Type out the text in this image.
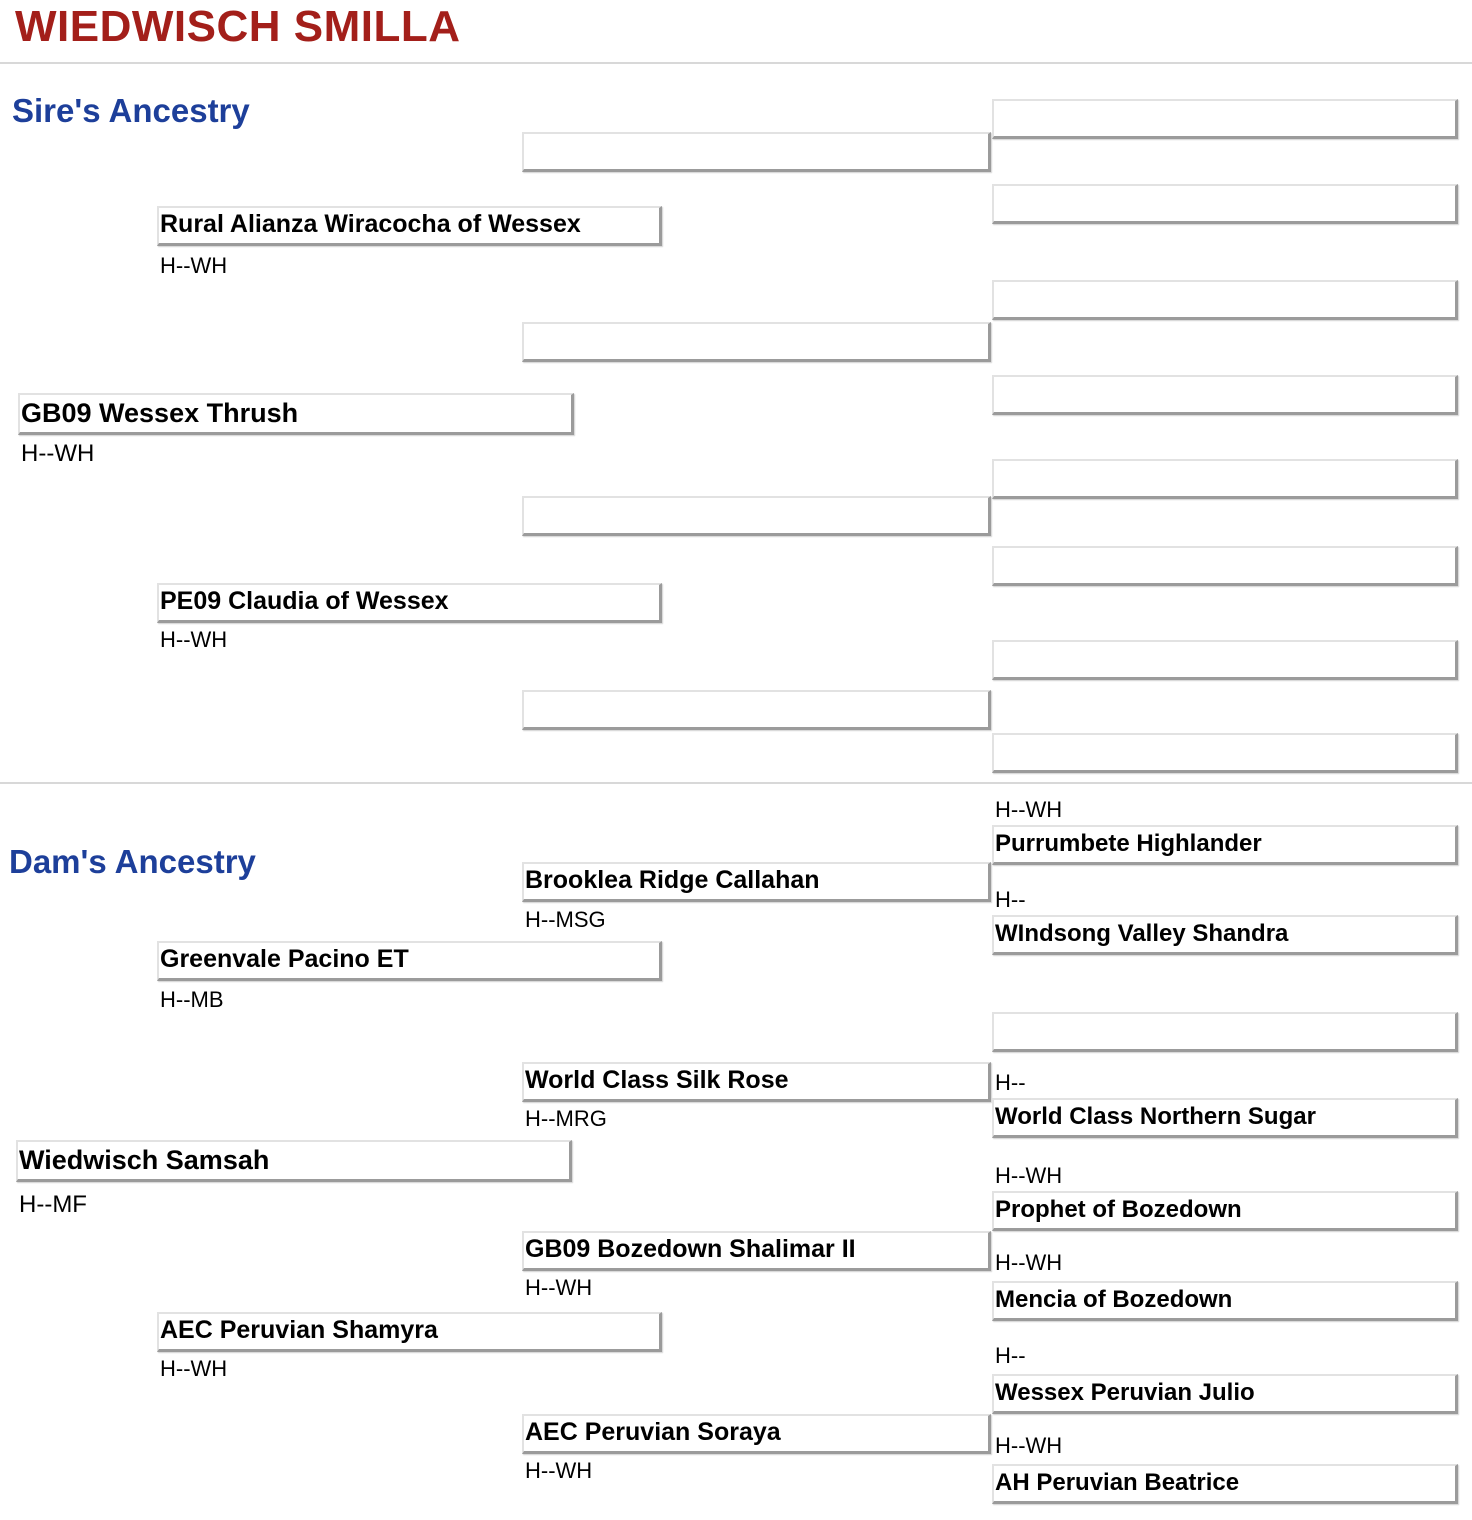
WIEDWISCH SMILLA
Sire's Ancestry
GB09 Wessex Thrush
H--WH
Rural Alianza Wiracocha of Wessex
H--WH
PE09 Claudia of Wessex
H--WH
Dam's Ancestry
Wiedwisch Samsah
H--MF
Greenvale Pacino ET
H--MB
AEC Peruvian Shamyra
H--WH
Brooklea Ridge Callahan
H--MSG
World Class Silk Rose
H--MRG
GB09 Bozedown Shalimar II
H--WH
AEC Peruvian Soraya
H--WH
H--WH
Purrumbete Highlander
H--
WIndsong Valley Shandra
H--
World Class Northern Sugar
H--WH
Prophet of Bozedown
H--WH
Mencia of Bozedown
H--
Wessex Peruvian Julio
H--WH
AH Peruvian Beatrice
